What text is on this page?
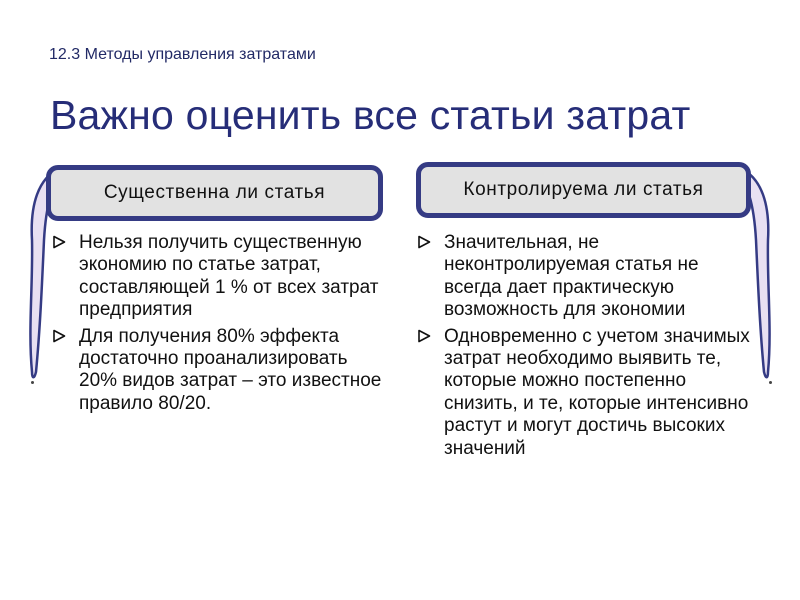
12.3 Методы управления затратами
Важно оценить все статьи затрат
Существенна ли статья	Контролируема ли статья
Нельзя получить существенную экономию по статье затрат, составляющей 1 % от всех затрат предприятия
Для получения 80% эффекта достаточно проанализировать 20% видов затрат – это известное правило 80/20.
Значительная, не неконтролируемая статья не всегда дает практическую возможность для экономии
Одновременно с учетом значимых затрат необходимо выявить те, которые можно постепенно снизить, и те, которые интенсивно растут и могут достичь высоких значений
